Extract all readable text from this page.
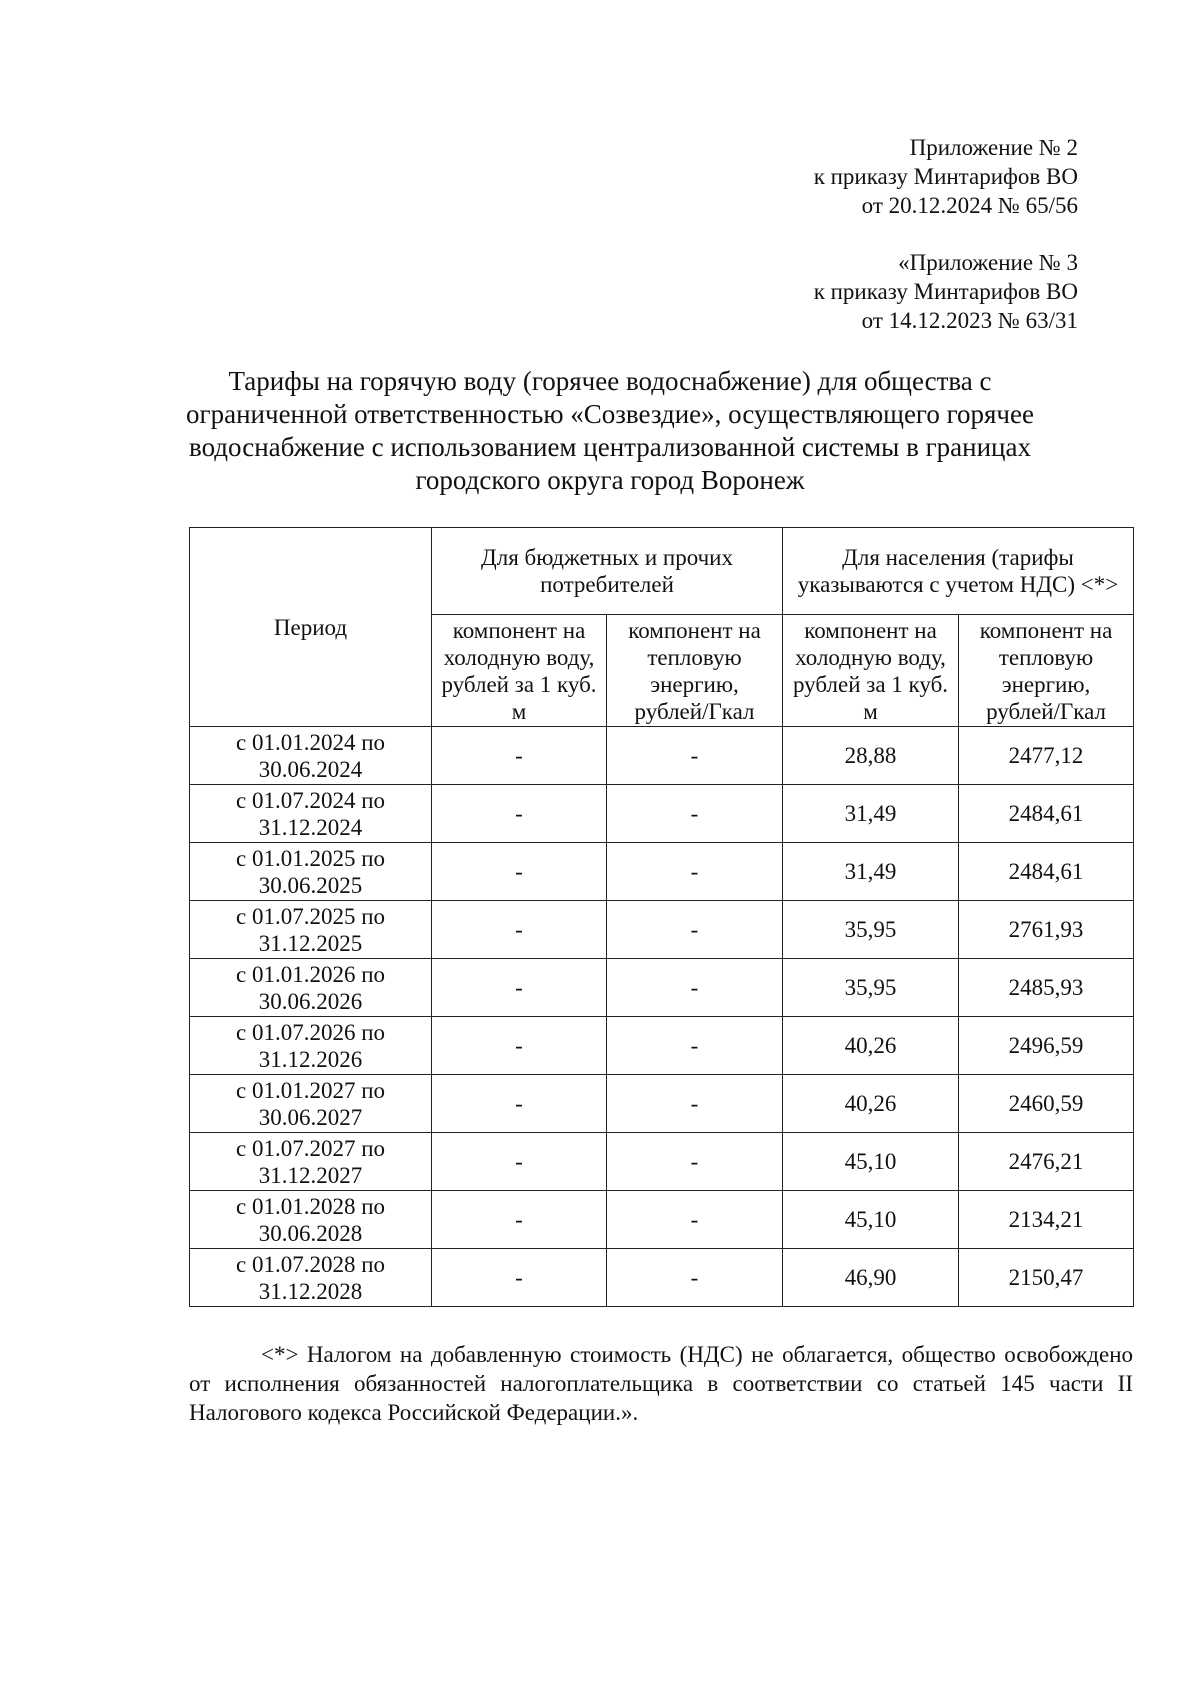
Приложение № 2
к приказу Минтарифов ВО
от 20.12.2024 № 65/56
«Приложение № 3
к приказу Минтарифов ВО
от 14.12.2023 № 63/31
Тарифы на горячую воду (горячее водоснабжение) для общества с
ограниченной ответственностью «Созвездие», осуществляющего горячее
водоснабжение с использованием централизованной системы в границах
городского округа город Воронеж
Период	Для бюджетных и прочих потребителей		Для населения (тарифы указываются с учетом НДС) <*>	
	компонент на холодную воду, рублей за 1 куб. м	компонент на тепловую энергию, рублей/Гкал	компонент на холодную воду, рублей за 1 куб. м	компонент на тепловую энергию, рублей/Гкал

с 01.01.2024 по
30.06.2024	-	-	28,88	2477,12

с 01.07.2024 по
31.12.2024	-	-	31,49	2484,61

с 01.01.2025 по
30.06.2025	-	-	31,49	2484,61

с 01.07.2025 по
31.12.2025	-	-	35,95	2761,93

с 01.01.2026 по
30.06.2026	-	-	35,95	2485,93

с 01.07.2026 по
31.12.2026	-	-	40,26	2496,59

с 01.01.2027 по
30.06.2027	-	-	40,26	2460,59

с 01.07.2027 по
31.12.2027	-	-	45,10	2476,21

с 01.01.2028 по
30.06.2028	-	-	45,10	2134,21

с 01.07.2028 по
31.12.2028	-	-	46,90	2150,47
<*> Налогом на добавленную стоимость (НДС) не облагается, общество освобождено от исполнения обязанностей налогоплательщика в соответствии со статьей 145 части II Налогового кодекса Российской Федерации.».
